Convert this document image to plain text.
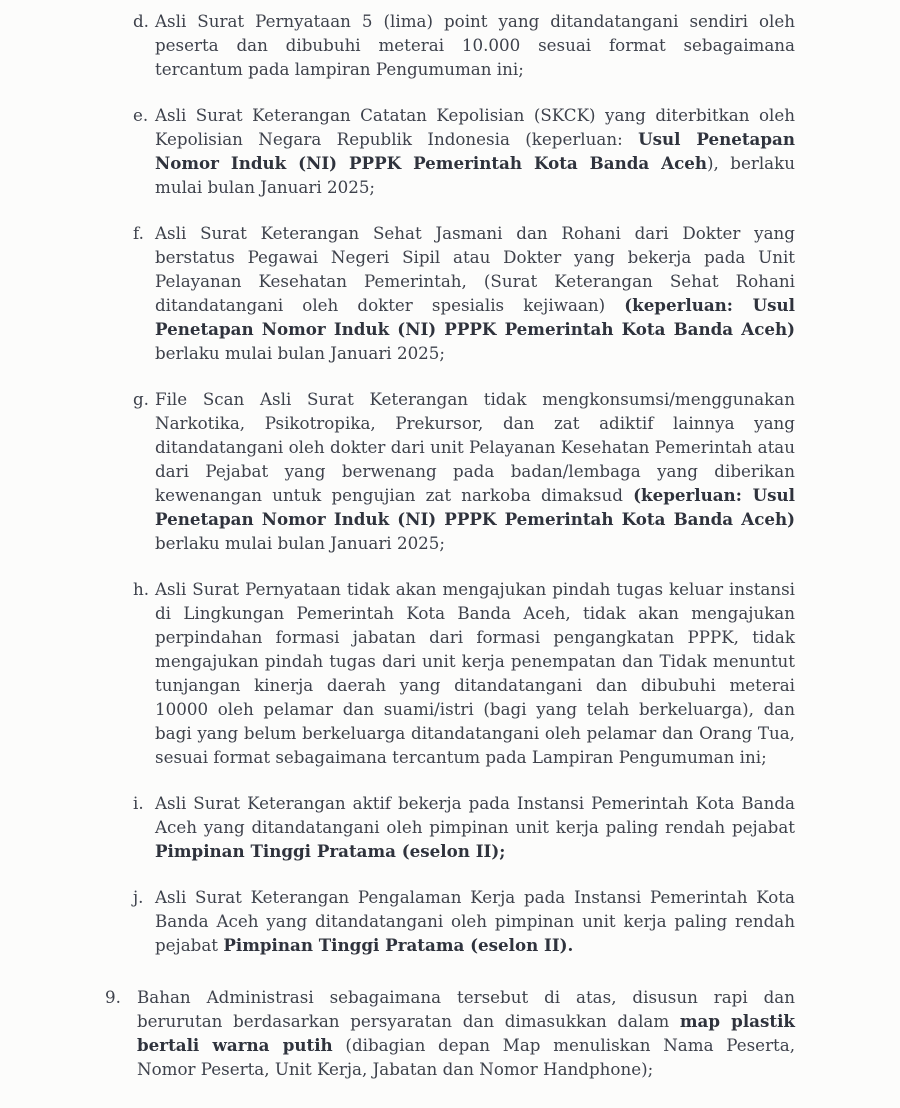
d. Asli Surat Pernyataan 5 (lima) point yang ditandatangani sendiri oleh peserta dan dibubuhi meterai 10.000 sesuai format sebagaimana tercantum pada lampiran Pengumuman ini;
e. Asli Surat Keterangan Catatan Kepolisian (SKCK) yang diterbitkan oleh Kepolisian Negara Republik Indonesia (keperluan: Usul Penetapan Nomor Induk (NI) PPPK Pemerintah Kota Banda Aceh), berlaku mulai bulan Januari 2025;
f. Asli Surat Keterangan Sehat Jasmani dan Rohani dari Dokter yang berstatus Pegawai Negeri Sipil atau Dokter yang bekerja pada Unit Pelayanan Kesehatan Pemerintah, (Surat Keterangan Sehat Rohani ditandatangani oleh dokter spesialis kejiwaan) (keperluan: Usul Penetapan Nomor Induk (NI) PPPK Pemerintah Kota Banda Aceh) berlaku mulai bulan Januari 2025;
g. File Scan Asli Surat Keterangan tidak mengkonsumsi/menggunakan Narkotika, Psikotropika, Prekursor, dan zat adiktif lainnya yang ditandatangani oleh dokter dari unit Pelayanan Kesehatan Pemerintah atau dari Pejabat yang berwenang pada badan/lembaga yang diberikan kewenangan untuk pengujian zat narkoba dimaksud (keperluan: Usul Penetapan Nomor Induk (NI) PPPK Pemerintah Kota Banda Aceh) berlaku mulai bulan Januari 2025;
h. Asli Surat Pernyataan tidak akan mengajukan pindah tugas keluar instansi di Lingkungan Pemerintah Kota Banda Aceh, tidak akan mengajukan perpindahan formasi jabatan dari formasi pengangkatan PPPK, tidak mengajukan pindah tugas dari unit kerja penempatan dan Tidak menuntut tunjangan kinerja daerah yang ditandatangani dan dibubuhi meterai 10000 oleh pelamar dan suami/istri (bagi yang telah berkeluarga), dan bagi yang belum berkeluarga ditandatangani oleh pelamar dan Orang Tua, sesuai format sebagaimana tercantum pada Lampiran Pengumuman ini;
i. Asli Surat Keterangan aktif bekerja pada Instansi Pemerintah Kota Banda Aceh yang ditandatangani oleh pimpinan unit kerja paling rendah pejabat Pimpinan Tinggi Pratama (eselon II);
j. Asli Surat Keterangan Pengalaman Kerja pada Instansi Pemerintah Kota Banda Aceh yang ditandatangani oleh pimpinan unit kerja paling rendah pejabat Pimpinan Tinggi Pratama (eselon II).
9. Bahan Administrasi sebagaimana tersebut di atas, disusun rapi dan berurutan berdasarkan persyaratan dan dimasukkan dalam map plastik bertali warna putih (dibagian depan Map menuliskan Nama Peserta, Nomor Peserta, Unit Kerja, Jabatan dan Nomor Handphone);
